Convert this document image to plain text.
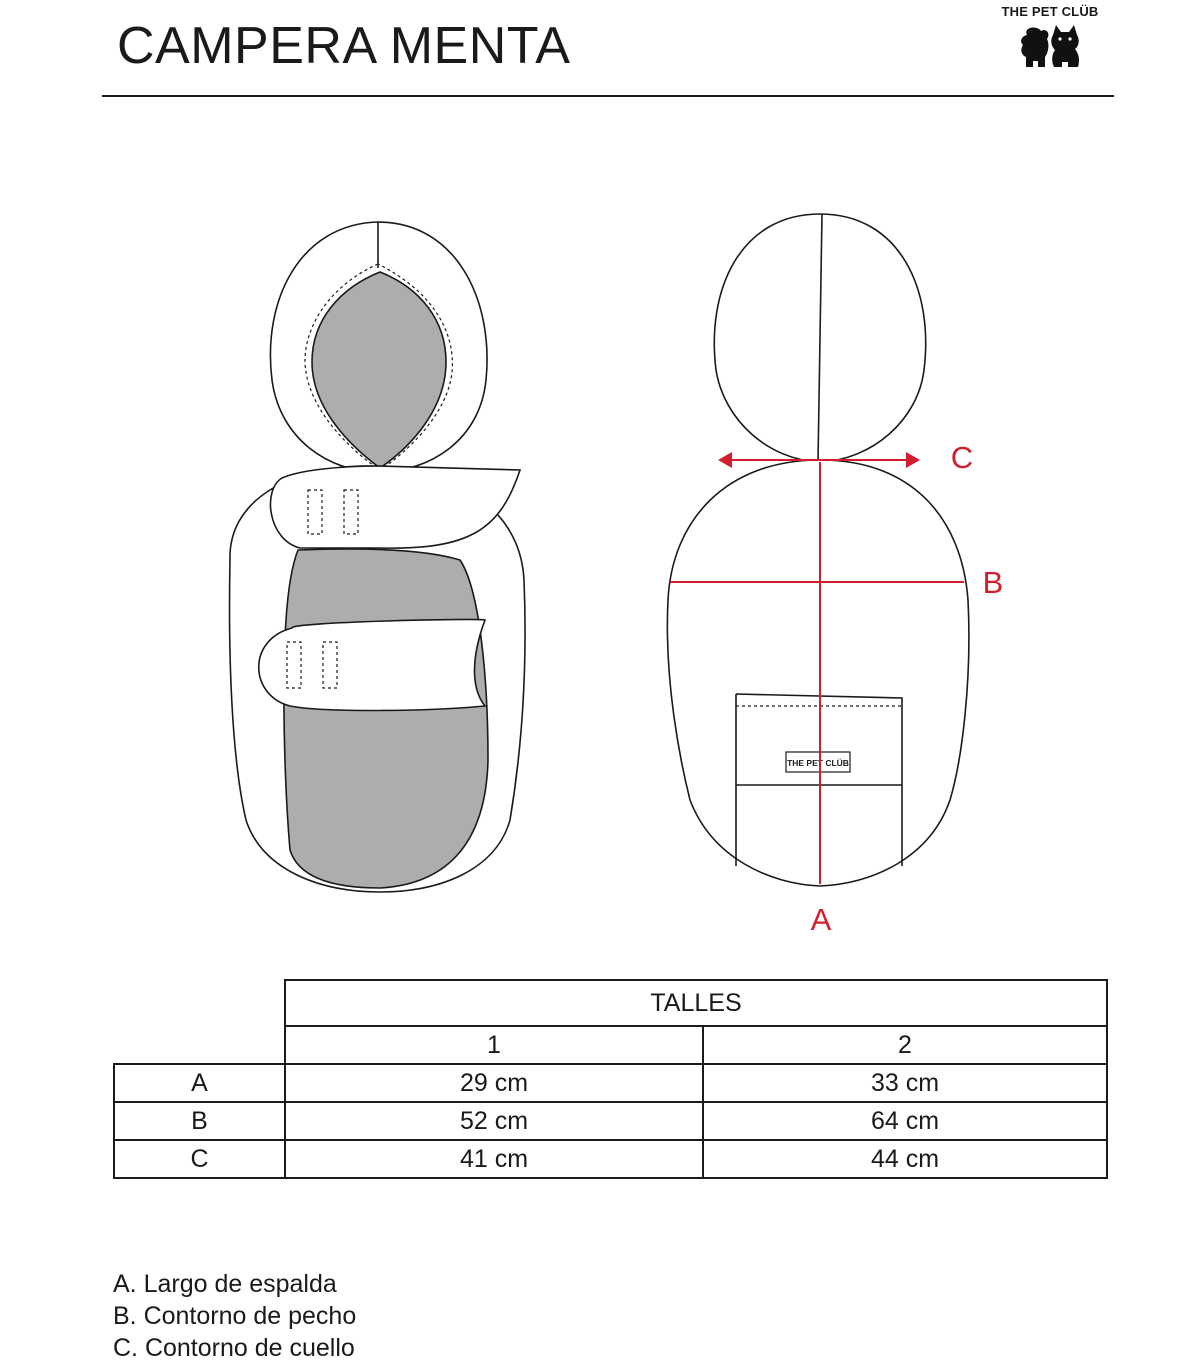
CAMPERA MENTA
THE PET CLÜB
THE PET CLÜB
A
B
C
	TALLES	
	1	2
A	29 cm	33 cm
B	52 cm	64 cm
C	41 cm	44 cm
A. Largo de espalda
B. Contorno de pecho
C. Contorno de cuello
